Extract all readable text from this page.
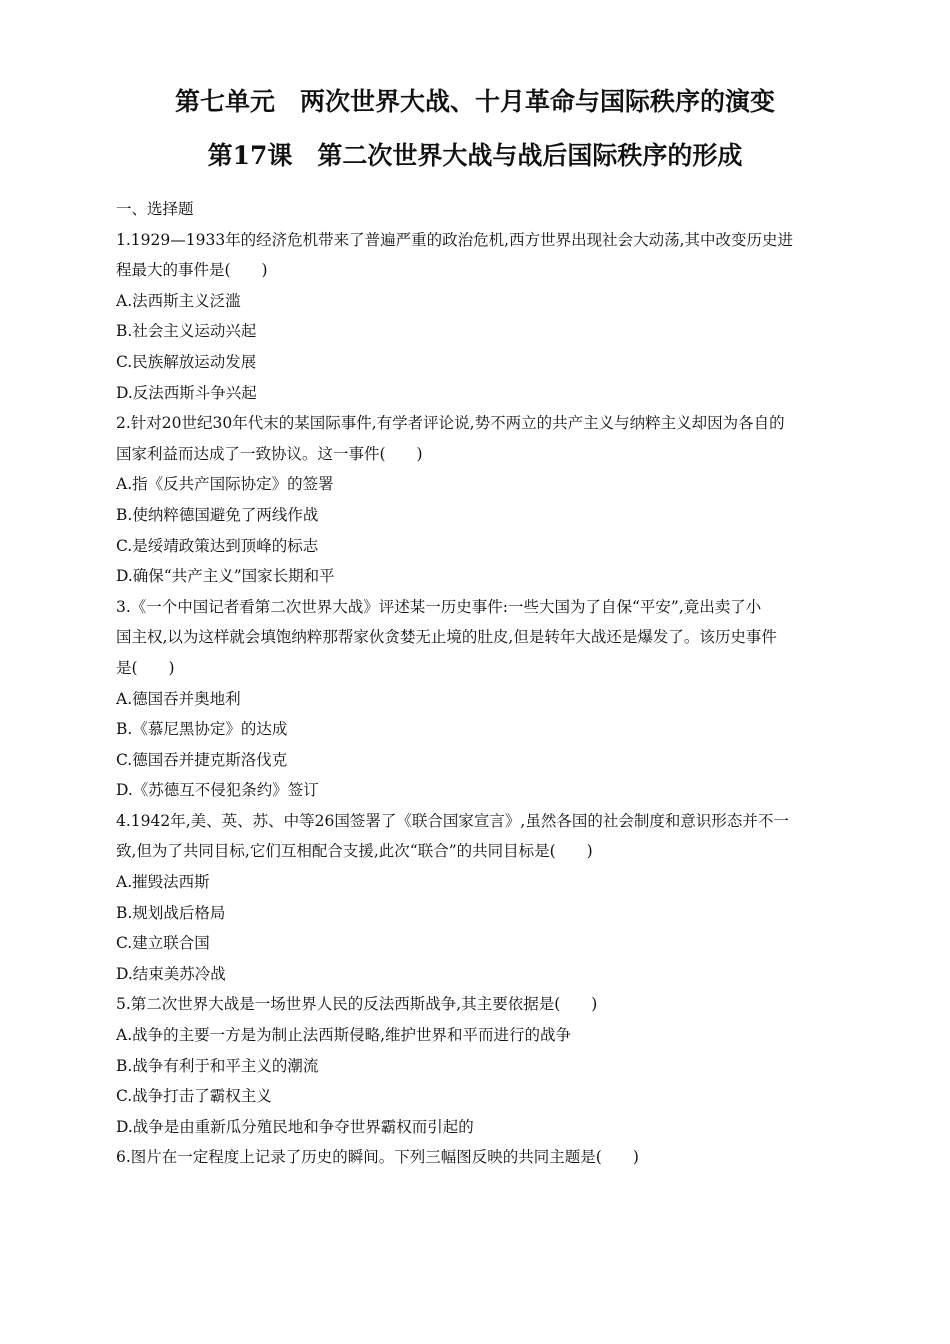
第七单元　两次世界大战、十月革命与国际秩序的演变
第17课　第二次世界大战与战后国际秩序的形成
一、选择题
1.1929—1933年的经济危机带来了普遍严重的政治危机,西方世界出现社会大动荡,其中改变历史进
程最大的事件是(　　)
A.法西斯主义泛滥
B.社会主义运动兴起
C.民族解放运动发展
D.反法西斯斗争兴起
2.针对20世纪30年代末的某国际事件,有学者评论说,势不两立的共产主义与纳粹主义却因为各自的
国家利益而达成了一致协议。这一事件(　　)
A.指《反共产国际协定》的签署
B.使纳粹德国避免了两线作战
C.是绥靖政策达到顶峰的标志
D.确保“共产主义”国家长期和平
3.《一个中国记者看第二次世界大战》评述某一历史事件:一些大国为了自保“平安”,竟出卖了小
国主权,以为这样就会填饱纳粹那帮家伙贪婪无止境的肚皮,但是转年大战还是爆发了。该历史事件
是(　　)
A.德国吞并奥地利
B.《慕尼黑协定》的达成
C.德国吞并捷克斯洛伐克
D.《苏德互不侵犯条约》签订
4.1942年,美、英、苏、中等26国签署了《联合国家宣言》,虽然各国的社会制度和意识形态并不一
致,但为了共同目标,它们互相配合支援,此次“联合”的共同目标是(　　)
A.摧毁法西斯
B.规划战后格局
C.建立联合国
D.结束美苏冷战
5.第二次世界大战是一场世界人民的反法西斯战争,其主要依据是(　　)
A.战争的主要一方是为制止法西斯侵略,维护世界和平而进行的战争
B.战争有利于和平主义的潮流
C.战争打击了霸权主义
D.战争是由重新瓜分殖民地和争夺世界霸权而引起的
6.图片在一定程度上记录了历史的瞬间。下列三幅图反映的共同主题是(　　)
